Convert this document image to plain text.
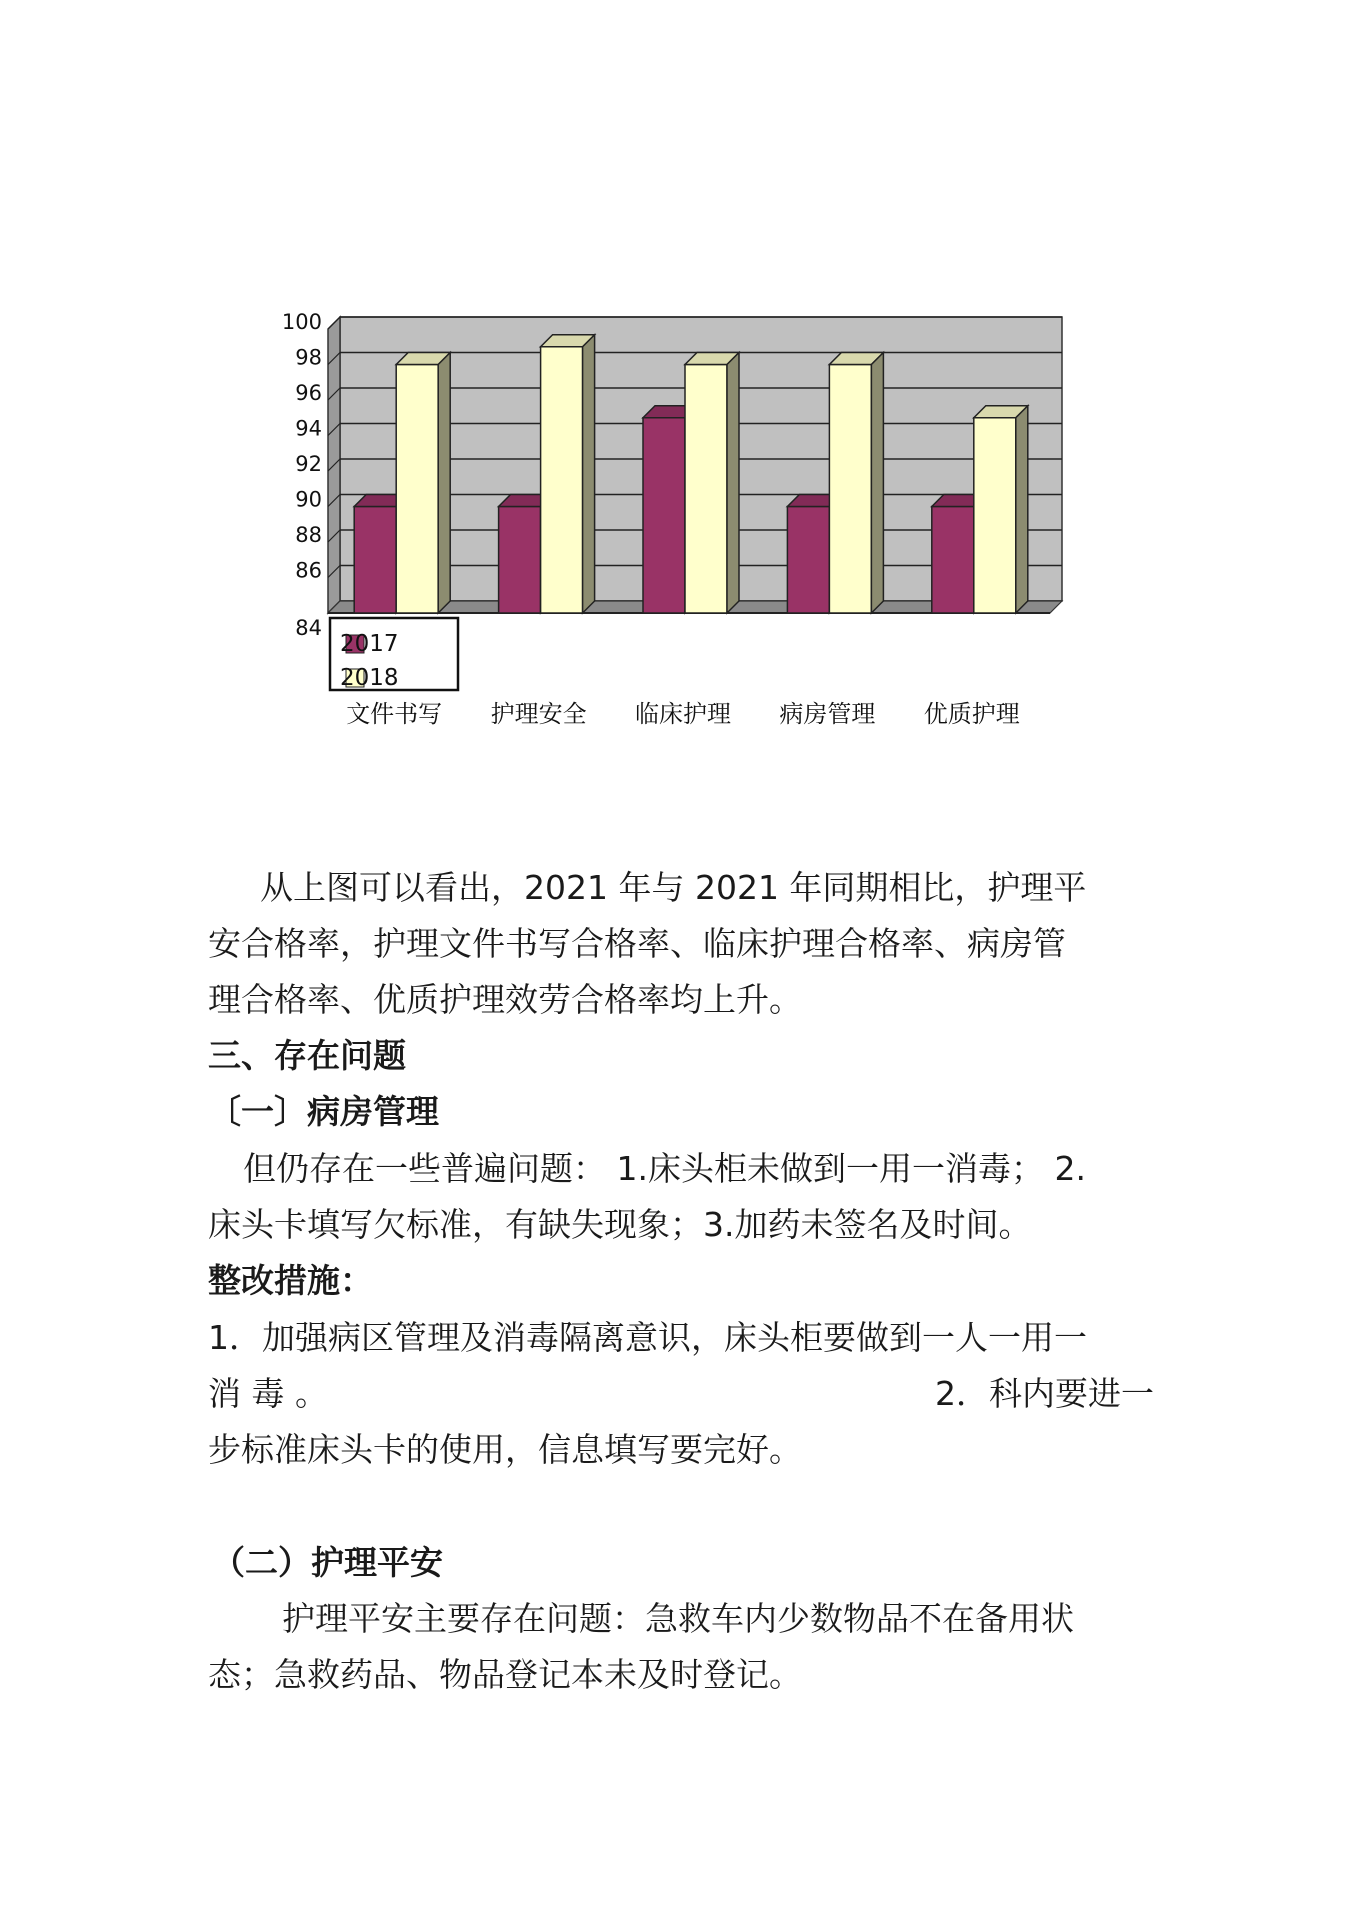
84
86
88
90
92
94
96
98
100
文件书写 护理安全 临床护理 病房管理 优质护理
2017
2018
从上图可以看出，2021 年与 2021 年同期相比，护理平
安合格率，护理文件书写合格率、临床护理合格率、病房管
理合格率、优质护理效劳合格率均上升。
三、存在问题
〔一〕病房管理
但仍存在一些普遍问题： 1.床头柜未做到一用一消毒； 2.
床头卡填写欠标准，有缺失现象；3.加药未签名及时间。
整改措施：
1．加强病区管理及消毒隔离意识，床头柜要做到一人一用一
消 毒 。	2．科内要进一
步标准床头卡的使用，信息填写要完好。
（二）护理平安
护理平安主要存在问题：急救车内少数物品不在备用状
态；急救药品、物品登记本未及时登记。
